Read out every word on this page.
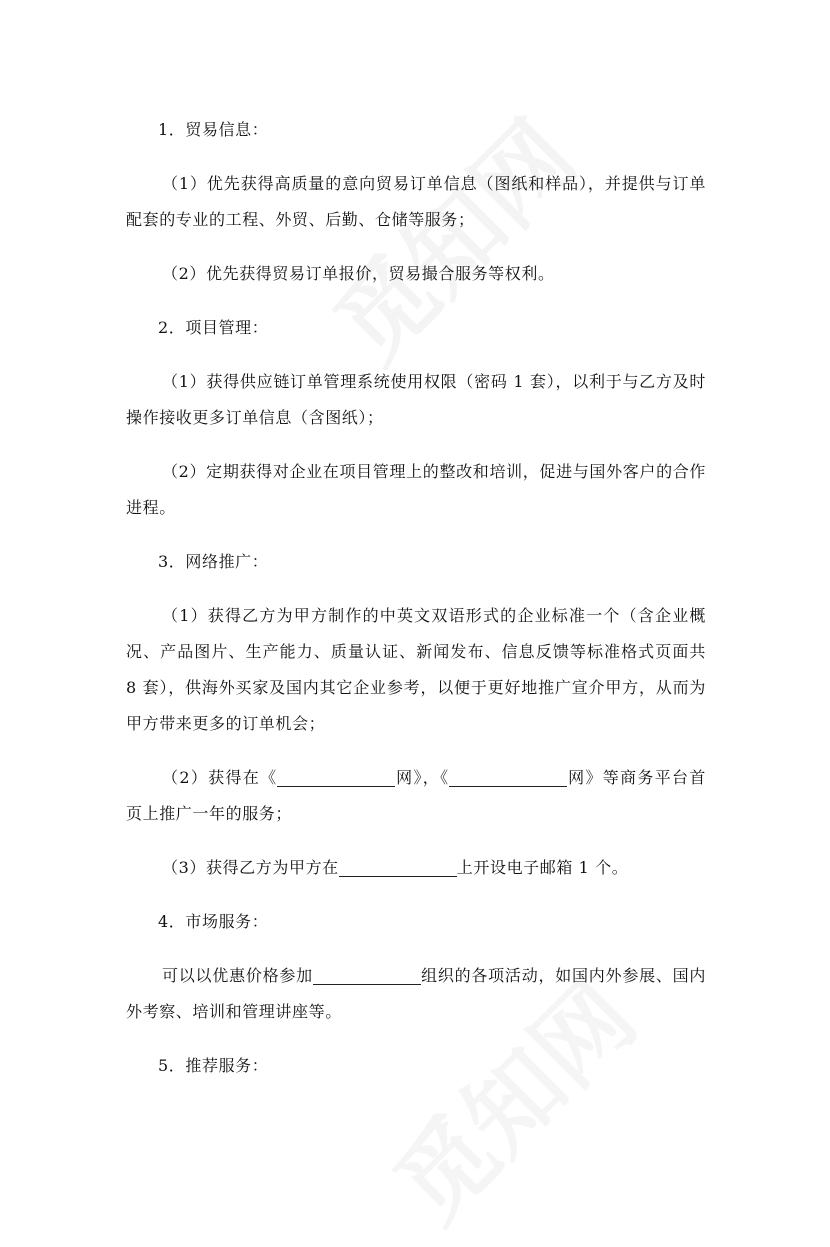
1．贸易信息：

（1）优先获得高质量的意向贸易订单信息（图纸和样品），并提供与订单配套的专业的工程、外贸、后勤、仓储等服务；

（2）优先获得贸易订单报价，贸易撮合服务等权利。

2．项目管理：

（1）获得供应链订单管理系统使用权限（密码 1 套），以利于与乙方及时操作接收更多订单信息（含图纸）；

（2）定期获得对企业在项目管理上的整改和培训，促进与国外客户的合作进程。

3．网络推广：

（1）获得乙方为甲方制作的中英文双语形式的企业标准一个（含企业概况、产品图片、生产能力、质量认证、新闻发布、信息反馈等标准格式页面共 8 套），供海外买家及国内其它企业参考，以便于更好地推广宣介甲方，从而为甲方带来更多的订单机会；

（2）获得在《	网》，《	网》等商务平台首页上推广一年的服务；

（3）获得乙方为甲方在	上开设电子邮箱 1 个。

4．市场服务：

可以以优惠价格参加	组织的各项活动，如国内外参展、国内外考察、培训和管理讲座等。

5．推荐服务：
